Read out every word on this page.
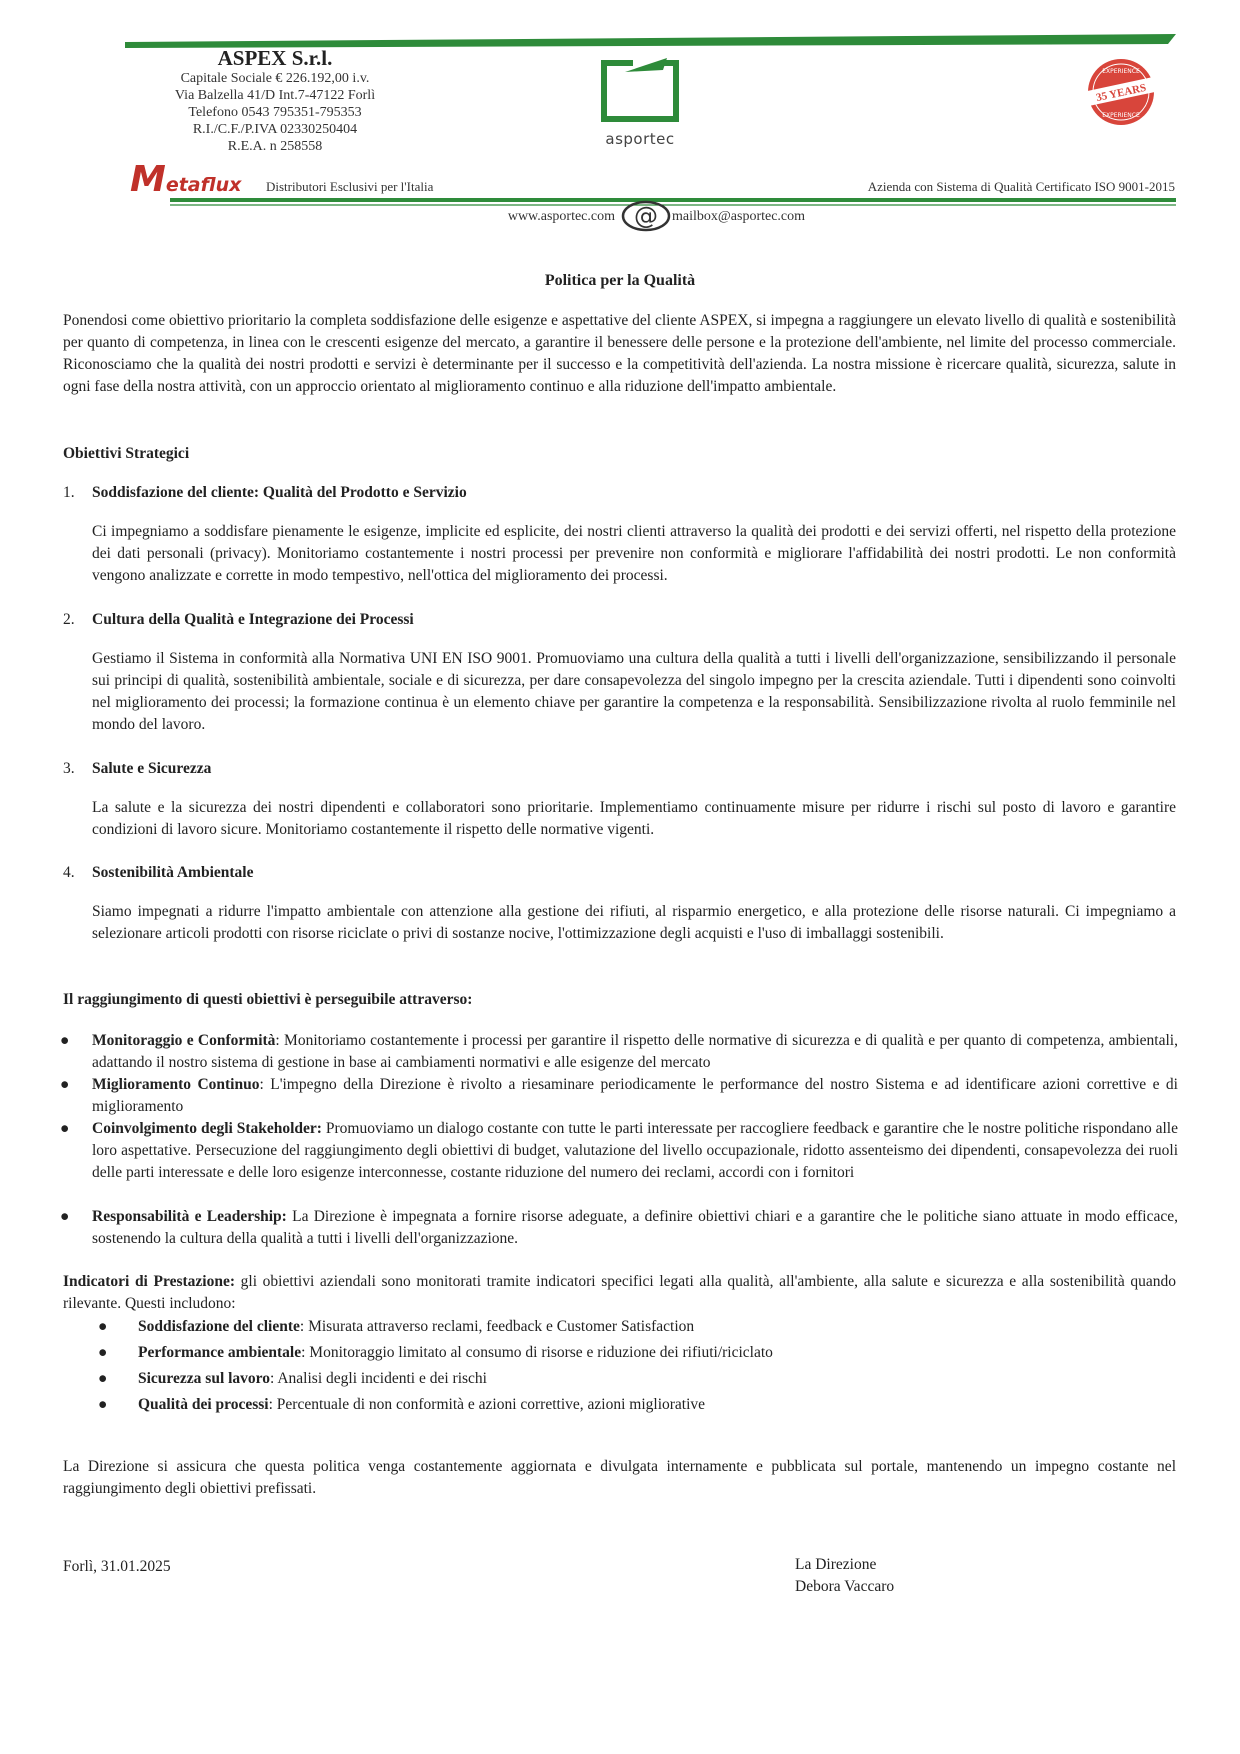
ASPEX S.r.l.
Capitale Sociale € 226.192,00 i.v.
Via Balzella 41/D Int.7-47122 Forlì
Telefono 0543 795351-795353
R.I./C.F./P.IVA 02330250404
R.E.A. n 258558	asportec
EXPERIENCE
35 YEARS
EXPERIENCE
Metaflux Distributori Esclusivi per l'Italia	Azienda con Sistema di Qualità Certificato ISO 9001-2015
www.asportec.com @ mailbox@asportec.com
Politica per la Qualità
Ponendosi come obiettivo prioritario la completa soddisfazione delle esigenze e aspettative del cliente ASPEX, si impegna a raggiungere un elevato livello di qualità e sostenibilità per quanto di competenza, in linea con le crescenti esigenze del mercato, a garantire il benessere delle persone e la protezione dell'ambiente, nel limite del processo commerciale. Riconosciamo che la qualità dei nostri prodotti e servizi è determinante per il successo e la competitività dell'azienda. La nostra missione è ricercare qualità, sicurezza, salute in ogni fase della nostra attività, con un approccio orientato al miglioramento continuo e alla riduzione dell'impatto ambientale.
Obiettivi Strategici
1. Soddisfazione del cliente: Qualità del Prodotto e Servizio
Ci impegniamo a soddisfare pienamente le esigenze, implicite ed esplicite, dei nostri clienti attraverso la qualità dei prodotti e dei servizi offerti, nel rispetto della protezione dei dati personali (privacy). Monitoriamo costantemente i nostri processi per prevenire non conformità e migliorare l'affidabilità dei nostri prodotti. Le non conformità vengono analizzate e corrette in modo tempestivo, nell'ottica del miglioramento dei processi.
2. Cultura della Qualità e Integrazione dei Processi
Gestiamo il Sistema in conformità alla Normativa UNI EN ISO 9001. Promuoviamo una cultura della qualità a tutti i livelli dell'organizzazione, sensibilizzando il personale sui principi di qualità, sostenibilità ambientale, sociale e di sicurezza, per dare consapevolezza del singolo impegno per la crescita aziendale. Tutti i dipendenti sono coinvolti nel miglioramento dei processi; la formazione continua è un elemento chiave per garantire la competenza e la responsabilità. Sensibilizzazione rivolta al ruolo femminile nel mondo del lavoro.
3. Salute e Sicurezza
La salute e la sicurezza dei nostri dipendenti e collaboratori sono prioritarie. Implementiamo continuamente misure per ridurre i rischi sul posto di lavoro e garantire condizioni di lavoro sicure. Monitoriamo costantemente il rispetto delle normative vigenti.
4. Sostenibilità Ambientale
Siamo impegnati a ridurre l'impatto ambientale con attenzione alla gestione dei rifiuti, al risparmio energetico, e alla protezione delle risorse naturali. Ci impegniamo a selezionare articoli prodotti con risorse riciclate o privi di sostanze nocive, l'ottimizzazione degli acquisti e l'uso di imballaggi sostenibili.
Il raggiungimento di questi obiettivi è perseguibile attraverso:
●	Monitoraggio e Conformità: Monitoriamo costantemente i processi per garantire il rispetto delle normative di sicurezza e di qualità e per quanto di competenza, ambientali, adattando il nostro sistema di gestione in base ai cambiamenti normativi e alle esigenze del mercato
●	Miglioramento Continuo: L'impegno della Direzione è rivolto a riesaminare periodicamente le performance del nostro Sistema e ad identificare azioni correttive e di miglioramento
●	Coinvolgimento degli Stakeholder: Promuoviamo un dialogo costante con tutte le parti interessate per raccogliere feedback e garantire che le nostre politiche rispondano alle loro aspettative. Persecuzione del raggiungimento degli obiettivi di budget, valutazione del livello occupazionale, ridotto assenteismo dei dipendenti, consapevolezza dei ruoli delle parti interessate e delle loro esigenze interconnesse, costante riduzione del numero dei reclami, accordi con i fornitori
●	Responsabilità e Leadership: La Direzione è impegnata a fornire risorse adeguate, a definire obiettivi chiari e a garantire che le politiche siano attuate in modo efficace, sostenendo la cultura della qualità a tutti i livelli dell'organizzazione.
Indicatori di Prestazione: gli obiettivi aziendali sono monitorati tramite indicatori specifici legati alla qualità, all'ambiente, alla salute e sicurezza e alla sostenibilità quando rilevante. Questi includono:
● Soddisfazione del cliente: Misurata attraverso reclami, feedback e Customer Satisfaction
● Performance ambientale: Monitoraggio limitato al consumo di risorse e riduzione dei rifiuti/riciclato
● Sicurezza sul lavoro: Analisi degli incidenti e dei rischi
● Qualità dei processi: Percentuale di non conformità e azioni correttive, azioni migliorative
La Direzione si assicura che questa politica venga costantemente aggiornata e divulgata internamente e pubblicata sul portale, mantenendo un impegno costante nel raggiungimento degli obiettivi prefissati.
Forlì, 31.01.2025	La Direzione
Debora Vaccaro
